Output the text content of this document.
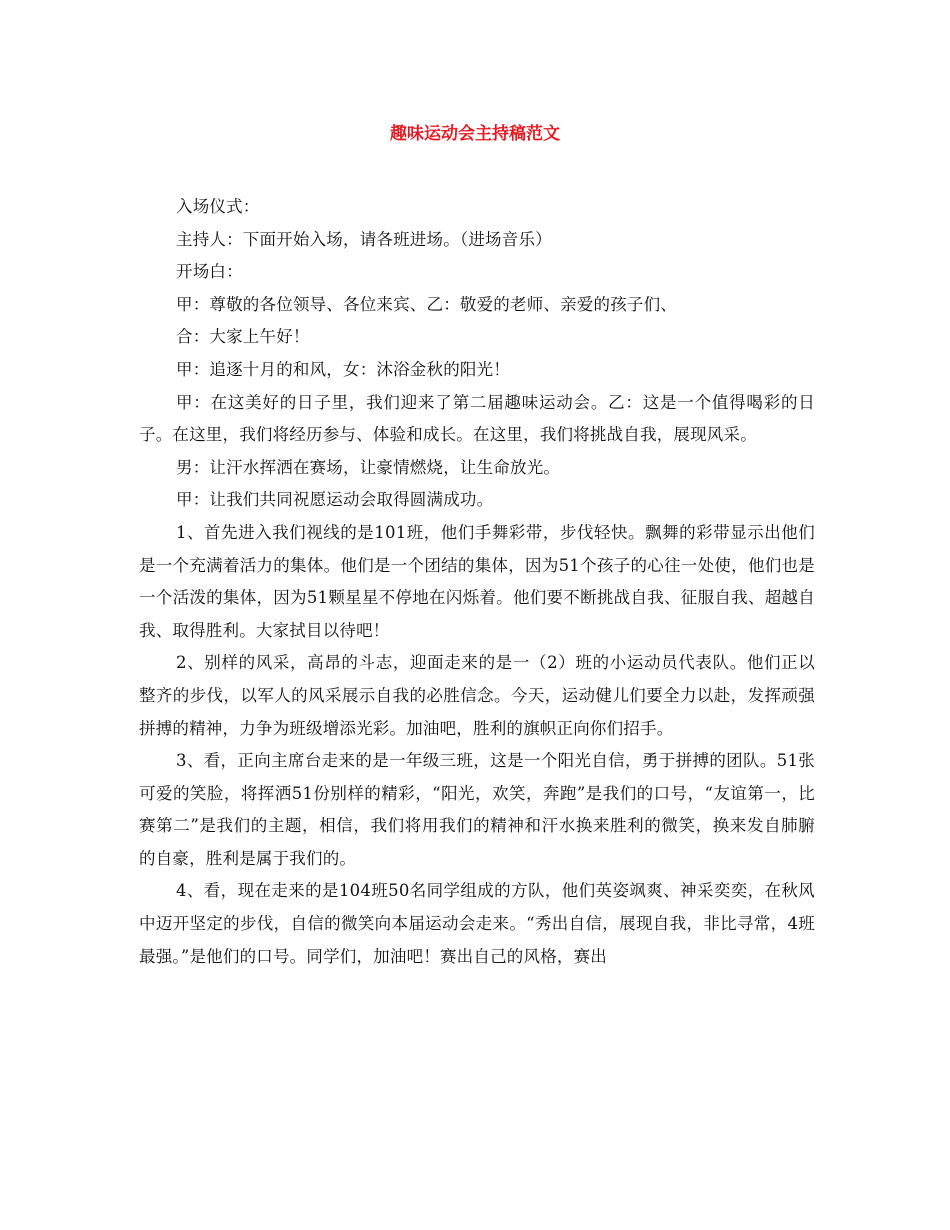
趣味运动会主持稿范文

入场仪式：

主持人：下面开始入场，请各班进场。（进场音乐）

开场白：

甲：尊敬的各位领导、各位来宾、乙：敬爱的老师、亲爱的孩子们、

合：大家上午好！

甲：追逐十月的和风，女：沐浴金秋的阳光！

甲：在这美好的日子里，我们迎来了第二届趣味运动会。乙：这是一个值得喝彩的日子。在这里，我们将经历参与、体验和成长。在这里，我们将挑战自我，展现风采。

男：让汗水挥洒在赛场，让豪情燃烧，让生命放光。

甲：让我们共同祝愿运动会取得圆满成功。

1、首先进入我们视线的是101班，他们手舞彩带，步伐轻快。飘舞的彩带显示出他们是一个充满着活力的集体。他们是一个团结的集体，因为51个孩子的心往一处使，他们也是一个活泼的集体，因为51颗星星不停地在闪烁着。他们要不断挑战自我、征服自我、超越自我、取得胜利。大家拭目以待吧！

2、别样的风采，高昂的斗志，迎面走来的是一（2）班的小运动员代表队。他们正以整齐的步伐，以军人的风采展示自我的必胜信念。今天，运动健儿们要全力以赴，发挥顽强拼搏的精神，力争为班级增添光彩。加油吧，胜利的旗帜正向你们招手。

3、看，正向主席台走来的是一年级三班，这是一个阳光自信，勇于拼搏的团队。51张可爱的笑脸，将挥洒51份别样的精彩，“阳光，欢笑，奔跑”是我们的口号，“友谊第一，比赛第二”是我们的主题，相信，我们将用我们的精神和汗水换来胜利的微笑，换来发自肺腑的自豪，胜利是属于我们的。

4、看，现在走来的是104班50名同学组成的方队，他们英姿飒爽、神采奕奕，在秋风中迈开坚定的步伐，自信的微笑向本届运动会走来。“秀出自信，展现自我，非比寻常，4班最强。”是他们的口号。同学们，加油吧！赛出自己的风格，赛出
